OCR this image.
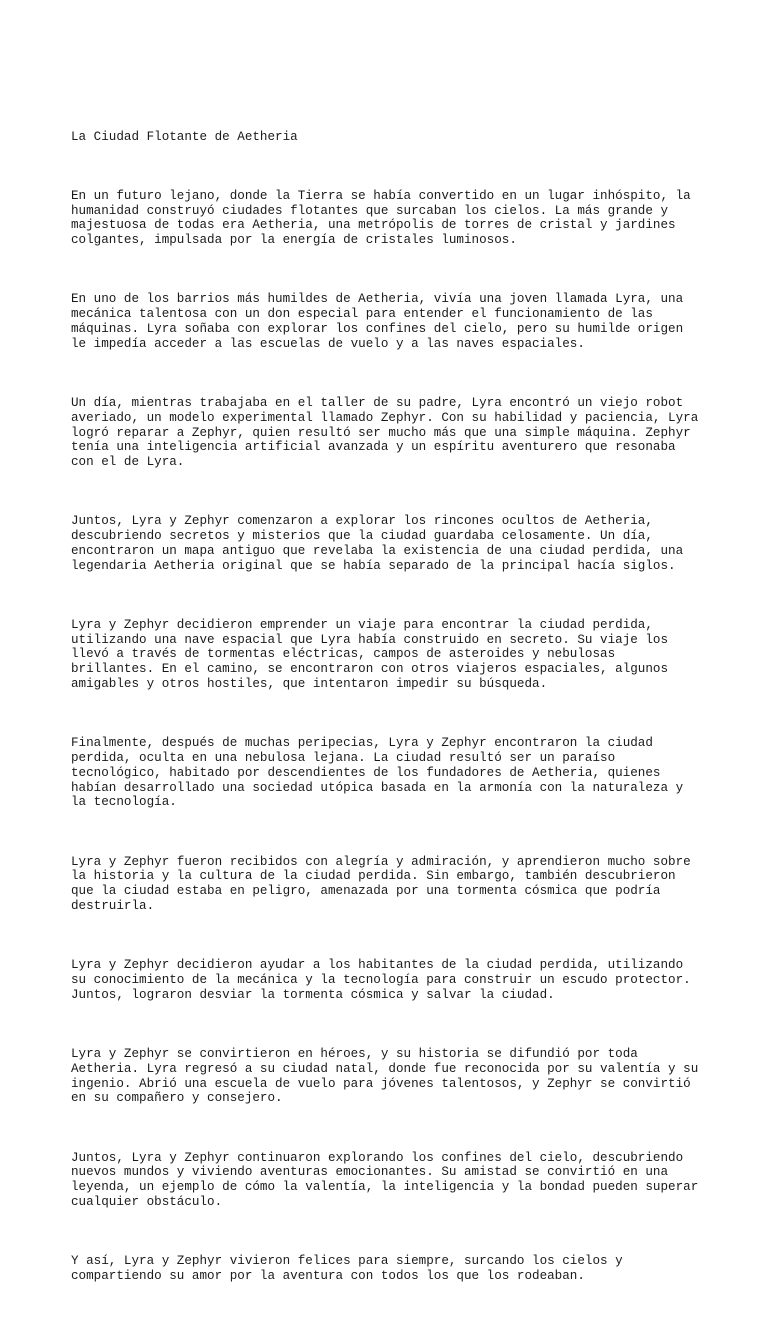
La Ciudad Flotante de Aetheria

En un futuro lejano, donde la Tierra se había convertido en un lugar inhóspito, la
humanidad construyó ciudades flotantes que surcaban los cielos. La más grande y
majestuosa de todas era Aetheria, una metrópolis de torres de cristal y jardines
colgantes, impulsada por la energía de cristales luminosos.

En uno de los barrios más humildes de Aetheria, vivía una joven llamada Lyra, una
mecánica talentosa con un don especial para entender el funcionamiento de las
máquinas. Lyra soñaba con explorar los confines del cielo, pero su humilde origen
le impedía acceder a las escuelas de vuelo y a las naves espaciales.

Un día, mientras trabajaba en el taller de su padre, Lyra encontró un viejo robot
averiado, un modelo experimental llamado Zephyr. Con su habilidad y paciencia, Lyra
logró reparar a Zephyr, quien resultó ser mucho más que una simple máquina. Zephyr
tenía una inteligencia artificial avanzada y un espíritu aventurero que resonaba
con el de Lyra.

Juntos, Lyra y Zephyr comenzaron a explorar los rincones ocultos de Aetheria,
descubriendo secretos y misterios que la ciudad guardaba celosamente. Un día,
encontraron un mapa antiguo que revelaba la existencia de una ciudad perdida, una
legendaria Aetheria original que se había separado de la principal hacía siglos.

Lyra y Zephyr decidieron emprender un viaje para encontrar la ciudad perdida,
utilizando una nave espacial que Lyra había construido en secreto. Su viaje los
llevó a través de tormentas eléctricas, campos de asteroides y nebulosas
brillantes. En el camino, se encontraron con otros viajeros espaciales, algunos
amigables y otros hostiles, que intentaron impedir su búsqueda.

Finalmente, después de muchas peripecias, Lyra y Zephyr encontraron la ciudad
perdida, oculta en una nebulosa lejana. La ciudad resultó ser un paraíso
tecnológico, habitado por descendientes de los fundadores de Aetheria, quienes
habían desarrollado una sociedad utópica basada en la armonía con la naturaleza y
la tecnología.

Lyra y Zephyr fueron recibidos con alegría y admiración, y aprendieron mucho sobre
la historia y la cultura de la ciudad perdida. Sin embargo, también descubrieron
que la ciudad estaba en peligro, amenazada por una tormenta cósmica que podría
destruirla.

Lyra y Zephyr decidieron ayudar a los habitantes de la ciudad perdida, utilizando
su conocimiento de la mecánica y la tecnología para construir un escudo protector.
Juntos, lograron desviar la tormenta cósmica y salvar la ciudad.

Lyra y Zephyr se convirtieron en héroes, y su historia se difundió por toda
Aetheria. Lyra regresó a su ciudad natal, donde fue reconocida por su valentía y su
ingenio. Abrió una escuela de vuelo para jóvenes talentosos, y Zephyr se convirtió
en su compañero y consejero.

Juntos, Lyra y Zephyr continuaron explorando los confines del cielo, descubriendo
nuevos mundos y viviendo aventuras emocionantes. Su amistad se convirtió en una
leyenda, un ejemplo de cómo la valentía, la inteligencia y la bondad pueden superar
cualquier obstáculo.

Y así, Lyra y Zephyr vivieron felices para siempre, surcando los cielos y
compartiendo su amor por la aventura con todos los que los rodeaban.
